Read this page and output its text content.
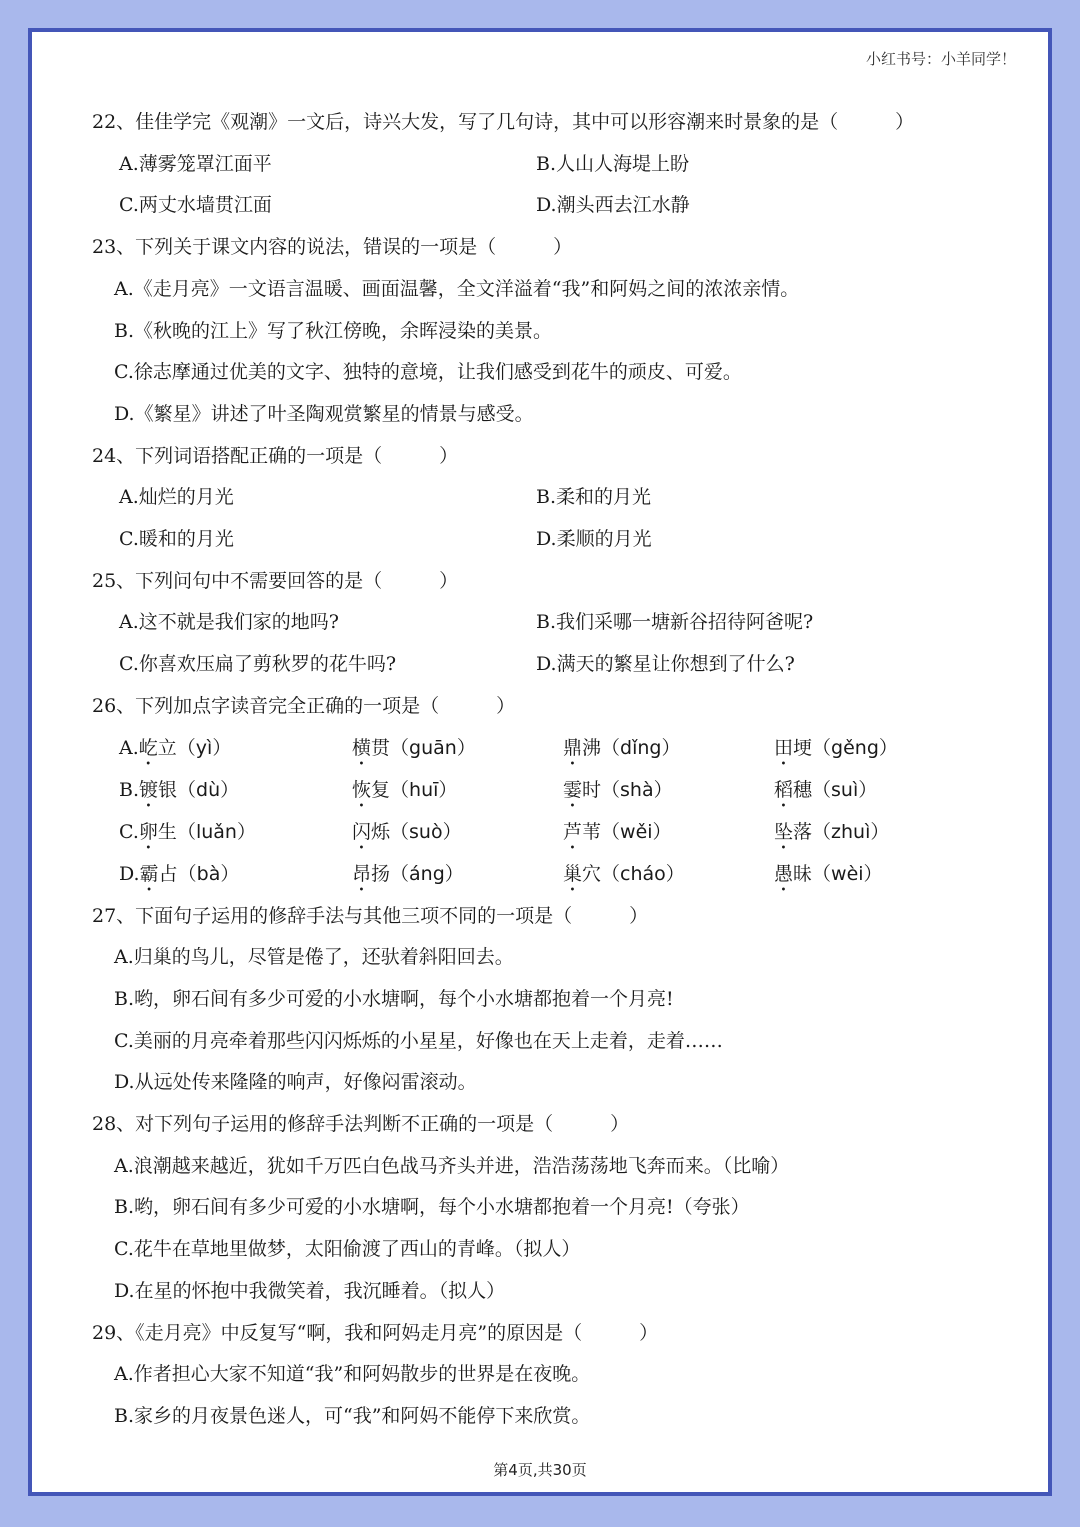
小红书号：小羊同学！
22、佳佳学完《观潮》一文后，诗兴大发，写了几句诗，其中可以形容潮来时景象的是（　　　）
A.薄雾笼罩江面平	B.人山人海堤上盼
C.两丈水墙贯江面	D.潮头西去江水静
23、下列关于课文内容的说法，错误的一项是（　　　）
A.《走月亮》一文语言温暖、画面温馨，全文洋溢着“我”和阿妈之间的浓浓亲情。
B.《秋晚的江上》写了秋江傍晚，余晖浸染的美景。
C.徐志摩通过优美的文字、独特的意境，让我们感受到花牛的顽皮、可爱。
D.《繁星》讲述了叶圣陶观赏繁星的情景与感受。
24、下列词语搭配正确的一项是（　　　）
A.灿烂的月光	B.柔和的月光
C.暖和的月光	D.柔顺的月光
25、下列问句中不需要回答的是（　　　）
A.这不就是我们家的地吗?	B.我们采哪一塘新谷招待阿爸呢?
C.你喜欢压扁了剪秋罗的花牛吗?	D.满天的繁星让你想到了什么?
26、下列加点字读音完全正确的一项是（　　　）
A.屹立（yì）	横贯（guān）	鼎沸（dǐng）	田埂（gěng）
B.镀银（dù）	恢复（huī）	霎时（shà）	稻穗（suì）
C.卵生（luǎn）	闪烁（suò）	芦苇（wěi）	坠落（zhuì）
D.霸占（bà）	昂扬（áng）	巢穴（cháo）	愚昧（wèi）
27、下面句子运用的修辞手法与其他三项不同的一项是（　　　）
A.归巢的鸟儿，尽管是倦了，还驮着斜阳回去。
B.哟，卵石间有多少可爱的小水塘啊，每个小水塘都抱着一个月亮!
C.美丽的月亮牵着那些闪闪烁烁的小星星，好像也在天上走着，走着……
D.从远处传来隆隆的响声，好像闷雷滚动。
28、对下列句子运用的修辞手法判断不正确的一项是（　　　）
A.浪潮越来越近，犹如千万匹白色战马齐头并进，浩浩荡荡地飞奔而来。（比喻）
B.哟，卵石间有多少可爱的小水塘啊，每个小水塘都抱着一个月亮!（夸张）
C.花牛在草地里做梦，太阳偷渡了西山的青峰。（拟人）
D.在星的怀抱中我微笑着，我沉睡着。（拟人）
29、《走月亮》中反复写“啊，我和阿妈走月亮”的原因是（　　　）
A.作者担心大家不知道“我”和阿妈散步的世界是在夜晚。
B.家乡的月夜景色迷人，可“我”和阿妈不能停下来欣赏。
第4页,共30页
